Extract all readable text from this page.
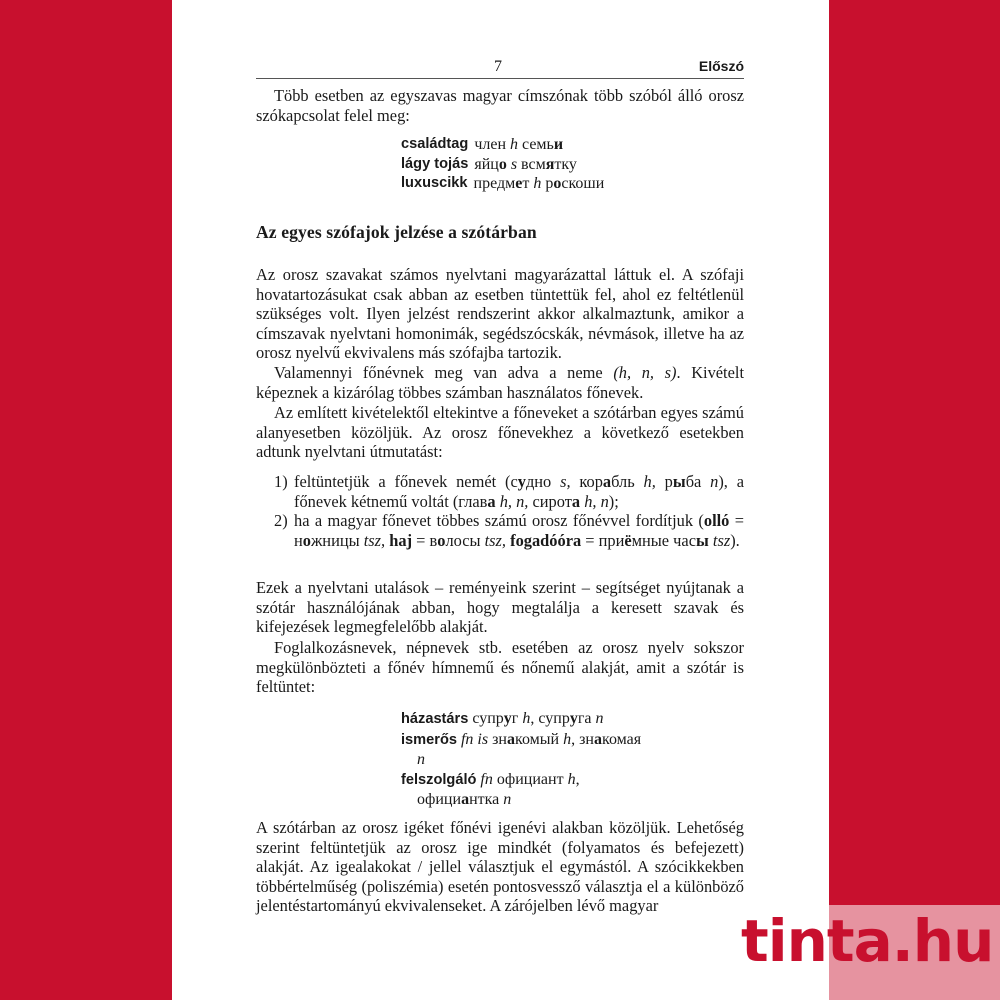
7	Előszó

Több esetben az egyszavas magyar címszónak több szóból álló orosz szókapcsolat felel meg:

családtag член h семьи
lágy tojás яйцо s всмятку
luxuscikk предмет h роскоши
Az egyes szófajok jelzése a szótárban

Az orosz szavakat számos nyelvtani magyarázattal láttuk el. A szófaji hovatartozásukat csak abban az esetben tüntettük fel, ahol ez feltétlenül szükséges volt. Ilyen jelzést rendszerint akkor alkalmaztunk, amikor a címszavak nyelvtani homonimák, segédszócskák, névmások, illetve ha az orosz nyelvű ekvivalens más szófajba tartozik.

Valamennyi főnévnek meg van adva a neme (h, n, s). Kivételt képeznek a kizárólag többes számban használatos főnevek.

Az említett kivételektől eltekintve a főneveket a szótárban egyes számú alanyesetben közöljük. Az orosz főnevekhez a következő esetekben adtunk nyelvtani útmutatást:

1) feltüntetjük a főnevek nemét (судно s, корабль h, рыба n), a főnevek kétnemű voltát (глава h, n, сирота h, n);
2) ha a magyar főnevet többes számú orosz főnévvel fordítjuk (olló = ножницы tsz, haj = волосы tsz, fogadóóra = приёмные часы tsz).

Ezek a nyelvtani utalások – reményeink szerint – segítséget nyújtanak a szótár használójának abban, hogy megtalálja a keresett szavak és kifejezések legmegfelelőbb alakját.

Foglalkozásnevek, népnevek stb. esetében az orosz nyelv sokszor megkülönbözteti a főnév hímnemű és nőnemű alakját, amit a szótár is feltüntet:

házastárs супруг h, супруга n
ismerős fn is знакомый h, знакомая n
felszolgáló fn официант h, официантка n

A szótárban az orosz igéket főnévi igenévi alakban közöljük. Lehetőség szerint feltüntetjük az orosz ige mindkét (folyamatos és befejezett) alakját. Az igealakokat / jellel választjuk el egymástól. A szócikkekben többértelműség (poliszémia) esetén pontosvessző választja el a különböző jelentéstartományú ekvivalenseket. A zárójelben lévő magyar

tinta.hu
